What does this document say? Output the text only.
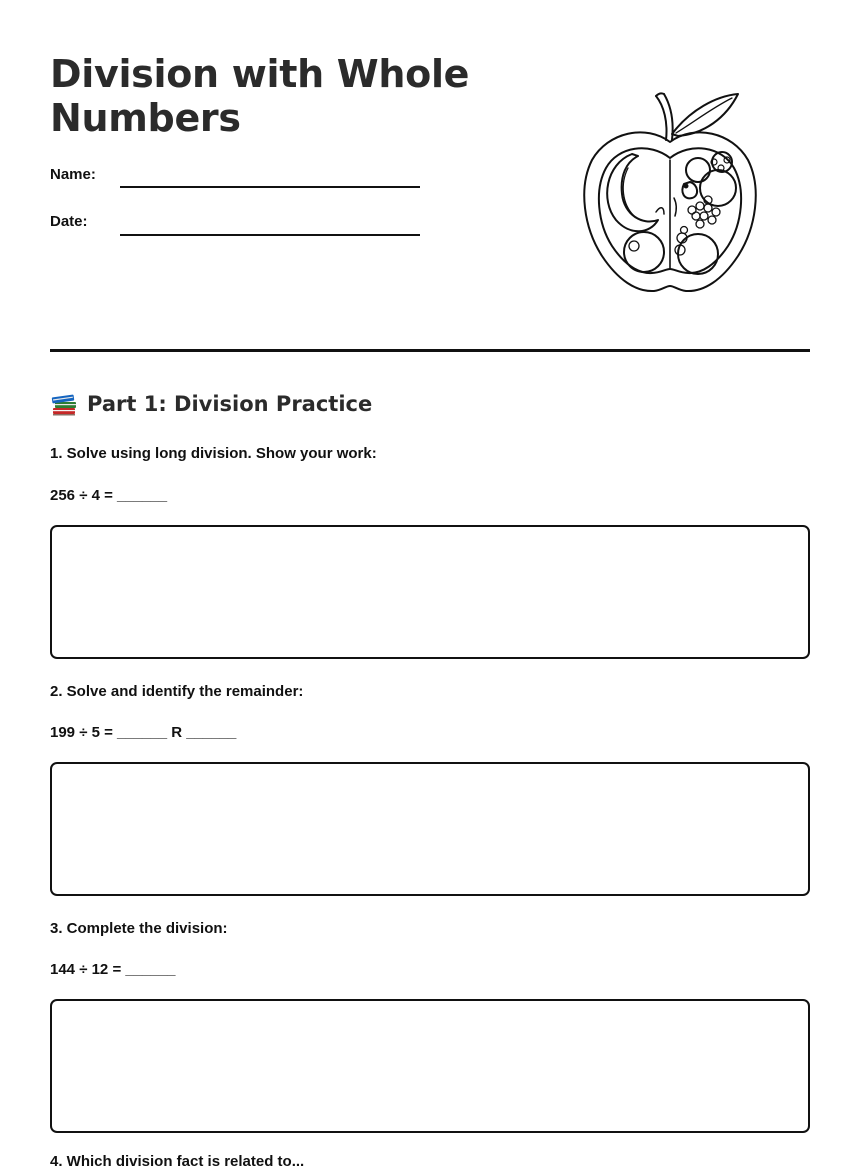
Division with Whole Numbers
Name:
Date:
Part 1: Division Practice
1. Solve using long division. Show your work:
256 ÷ 4 = ______
2. Solve and identify the remainder:
199 ÷ 5 = ______ R ______
3. Complete the division:
144 ÷ 12 = ______
4. Which division fact is related to...
